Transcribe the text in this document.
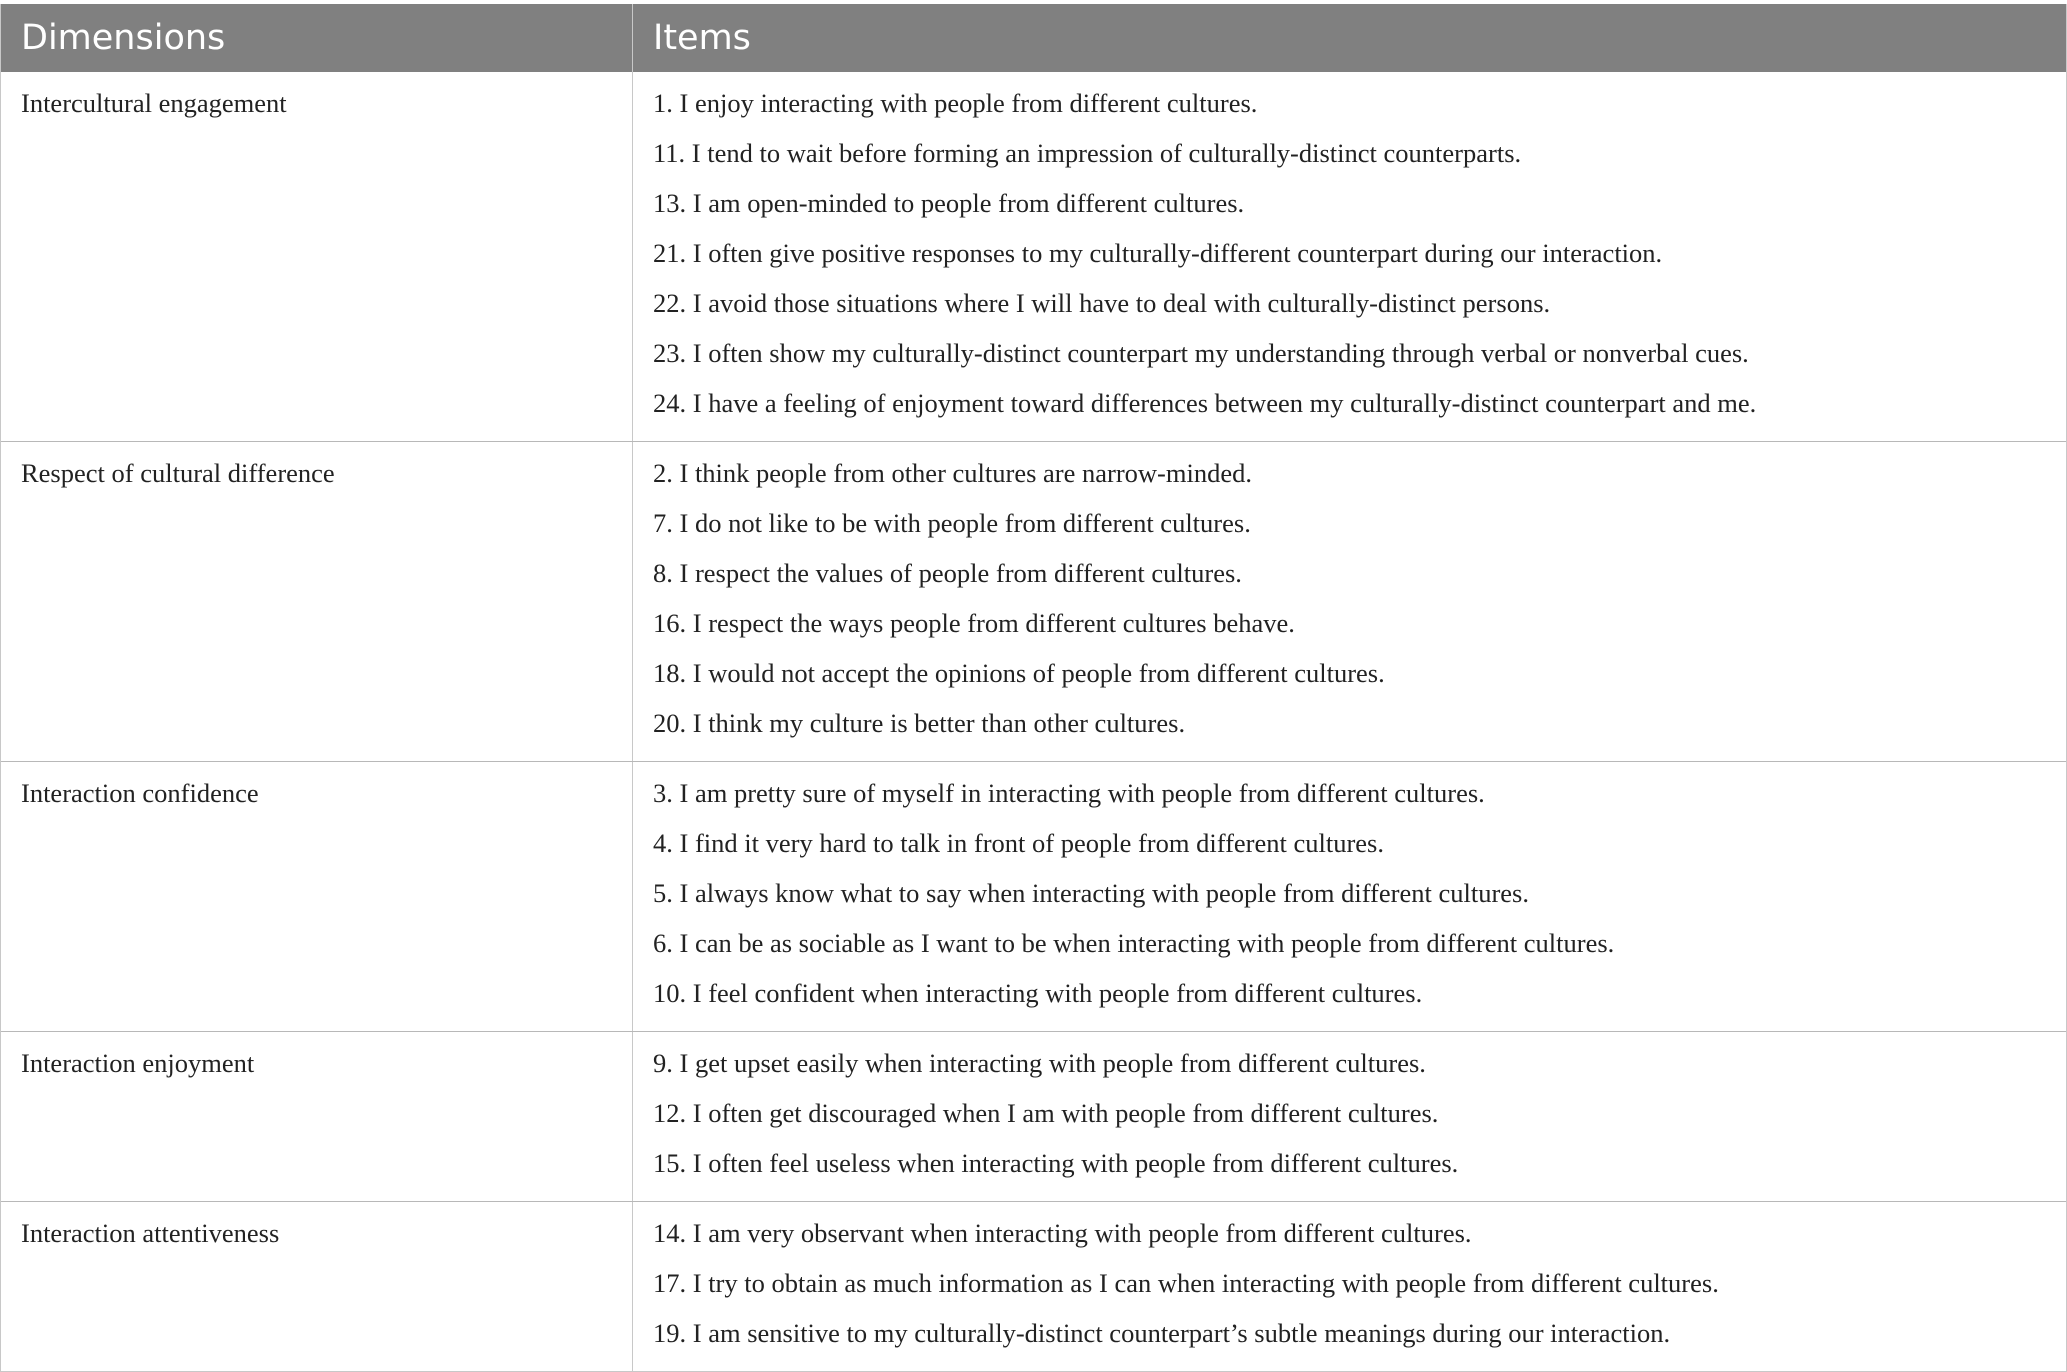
Dimensions	Items
Intercultural engagement	1. I enjoy interacting with people from different cultures.
11. I tend to wait before forming an impression of culturally-distinct counterparts.
13. I am open-minded to people from different cultures.
21. I often give positive responses to my culturally-different counterpart during our interaction.
22. I avoid those situations where I will have to deal with culturally-distinct persons.
23. I often show my culturally-distinct counterpart my understanding through verbal or nonverbal cues.
24. I have a feeling of enjoyment toward differences between my culturally-distinct counterpart and me.
Respect of cultural difference	2. I think people from other cultures are narrow-minded.
7. I do not like to be with people from different cultures.
8. I respect the values of people from different cultures.
16. I respect the ways people from different cultures behave.
18. I would not accept the opinions of people from different cultures.
20. I think my culture is better than other cultures.
Interaction confidence	3. I am pretty sure of myself in interacting with people from different cultures.
4. I find it very hard to talk in front of people from different cultures.
5. I always know what to say when interacting with people from different cultures.
6. I can be as sociable as I want to be when interacting with people from different cultures.
10. I feel confident when interacting with people from different cultures.
Interaction enjoyment	9. I get upset easily when interacting with people from different cultures.
12. I often get discouraged when I am with people from different cultures.
15. I often feel useless when interacting with people from different cultures.
Interaction attentiveness	14. I am very observant when interacting with people from different cultures.
17. I try to obtain as much information as I can when interacting with people from different cultures.
19. I am sensitive to my culturally-distinct counterpart’s subtle meanings during our interaction.
